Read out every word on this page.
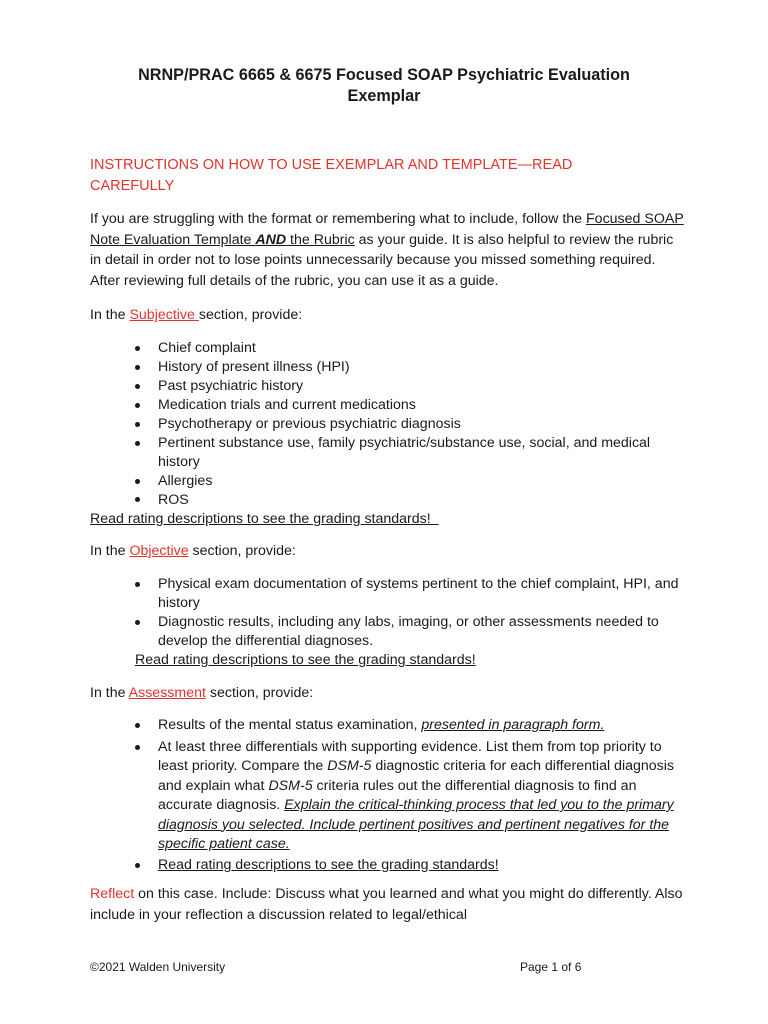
NRNP/PRAC 6665 & 6675 Focused SOAP Psychiatric Evaluation
Exemplar
INSTRUCTIONS ON HOW TO USE EXEMPLAR AND TEMPLATE—READ
CAREFULLY
If you are struggling with the format or remembering what to include, follow the Focused SOAP Note Evaluation Template AND the Rubric as your guide. It is also helpful to review the rubric in detail in order not to lose points unnecessarily because you missed something required. After reviewing full details of the rubric, you can use it as a guide.
In the Subjective section, provide:
Chief complaint
History of present illness (HPI)
Past psychiatric history
Medication trials and current medications
Psychotherapy or previous psychiatric diagnosis
Pertinent substance use, family psychiatric/substance use, social, and medical history
Allergies
ROS
Read rating descriptions to see the grading standards!
In the Objective section, provide:
Physical exam documentation of systems pertinent to the chief complaint, HPI, and history
Diagnostic results, including any labs, imaging, or other assessments needed to develop the differential diagnoses.
Read rating descriptions to see the grading standards!
In the Assessment section, provide:
Results of the mental status examination, presented in paragraph form.
At least three differentials with supporting evidence. List them from top priority to least priority. Compare the DSM-5 diagnostic criteria for each differential diagnosis and explain what DSM-5 criteria rules out the differential diagnosis to find an accurate diagnosis. Explain the critical-thinking process that led you to the primary diagnosis you selected. Include pertinent positives and pertinent negatives for the specific patient case.
Read rating descriptions to see the grading standards!
Reflect on this case. Include: Discuss what you learned and what you might do differently. Also include in your reflection a discussion related to legal/ethical
©2021 Walden University	Page 1 of 6
